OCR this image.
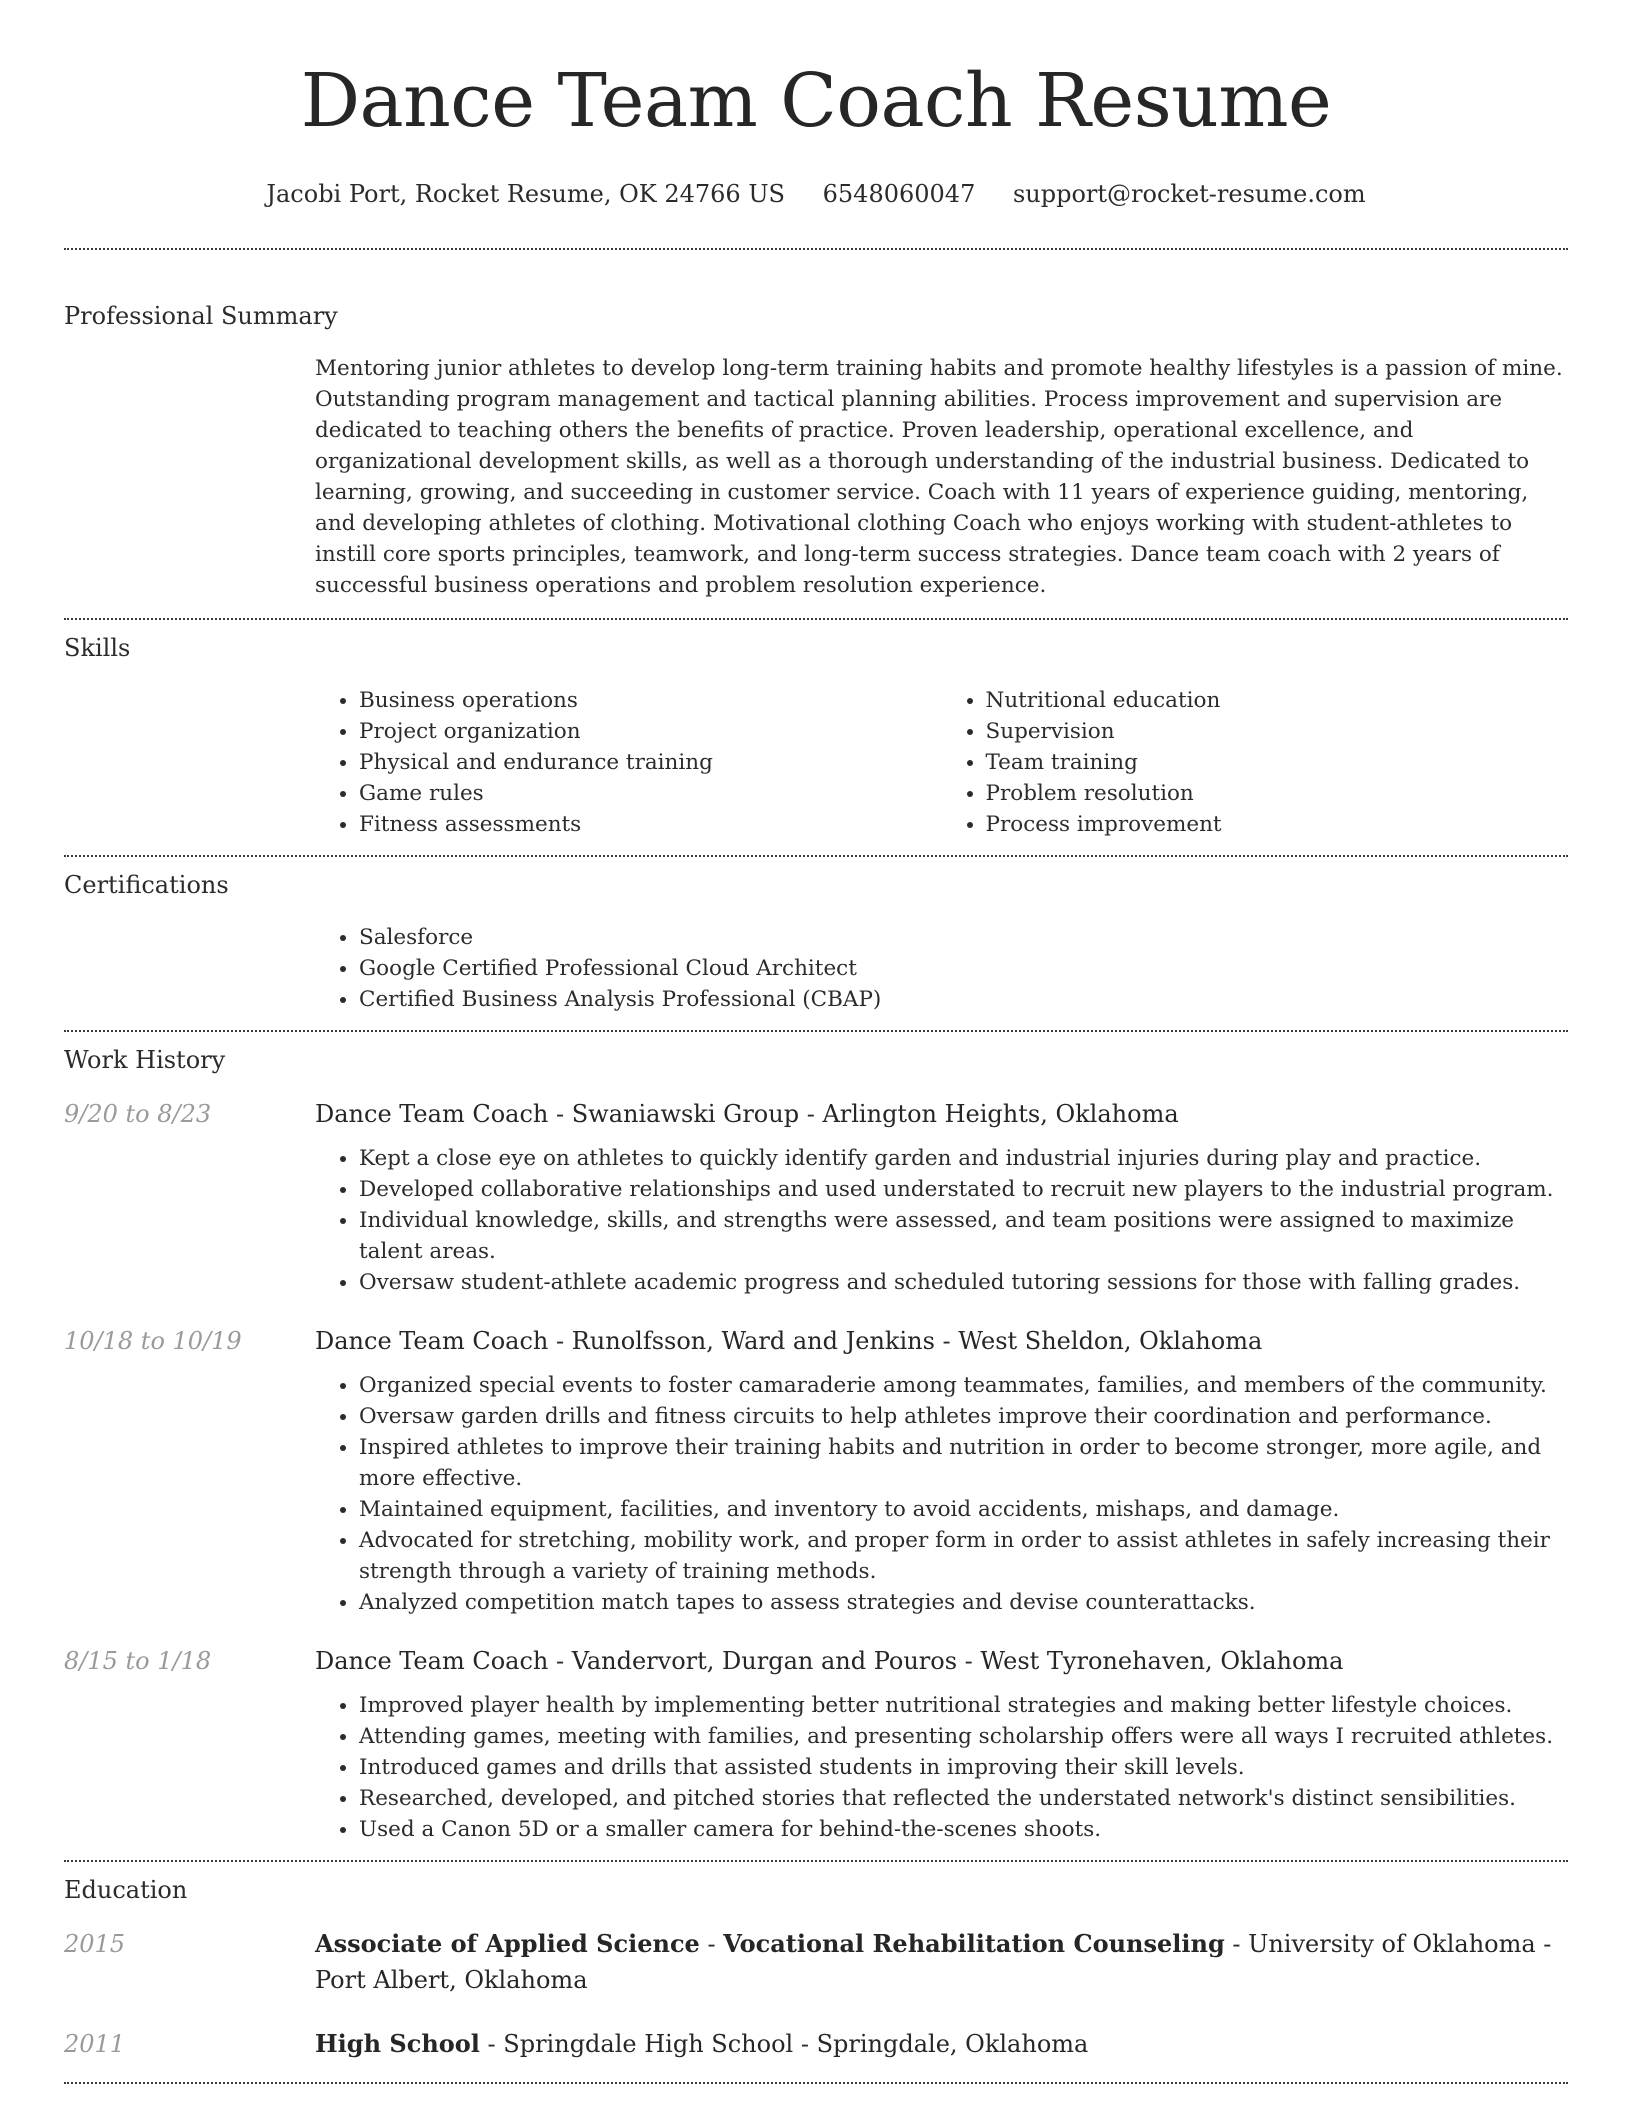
Dance Team Coach Resume
Jacobi Port, Rocket Resume, OK 24766 US 6548060047 support@rocket-resume.com
Professional Summary
Mentoring junior athletes to develop long-term training habits and promote healthy lifestyles is a passion of mine. Outstanding program management and tactical planning abilities. Process improvement and supervision are dedicated to teaching others the benefits of practice. Proven leadership, operational excellence, and organizational development skills, as well as a thorough understanding of the industrial business. Dedicated to learning, growing, and succeeding in customer service. Coach with 11 years of experience guiding, mentoring, and developing athletes of clothing. Motivational clothing Coach who enjoys working with student-athletes to instill core sports principles, teamwork, and long-term success strategies. Dance team coach with 2 years of successful business operations and problem resolution experience.
Skills
• Business operations
• Project organization
• Physical and endurance training
• Game rules
• Fitness assessments
• Nutritional education
• Supervision
• Team training
• Problem resolution
• Process improvement
Certifications
• Salesforce
• Google Certified Professional Cloud Architect
• Certified Business Analysis Professional (CBAP)
Work History
9/20 to 8/23	Dance Team Coach - Swaniawski Group - Arlington Heights, Oklahoma
• Kept a close eye on athletes to quickly identify garden and industrial injuries during play and practice.
• Developed collaborative relationships and used understated to recruit new players to the industrial program.
• Individual knowledge, skills, and strengths were assessed, and team positions were assigned to maximize talent areas.
• Oversaw student-athlete academic progress and scheduled tutoring sessions for those with falling grades.
10/18 to 10/19	Dance Team Coach - Runolfsson, Ward and Jenkins - West Sheldon, Oklahoma
• Organized special events to foster camaraderie among teammates, families, and members of the community.
• Oversaw garden drills and fitness circuits to help athletes improve their coordination and performance.
• Inspired athletes to improve their training habits and nutrition in order to become stronger, more agile, and more effective.
• Maintained equipment, facilities, and inventory to avoid accidents, mishaps, and damage.
• Advocated for stretching, mobility work, and proper form in order to assist athletes in safely increasing their strength through a variety of training methods.
• Analyzed competition match tapes to assess strategies and devise counterattacks.
8/15 to 1/18	Dance Team Coach - Vandervort, Durgan and Pouros - West Tyronehaven, Oklahoma
• Improved player health by implementing better nutritional strategies and making better lifestyle choices.
• Attending games, meeting with families, and presenting scholarship offers were all ways I recruited athletes.
• Introduced games and drills that assisted students in improving their skill levels.
• Researched, developed, and pitched stories that reflected the understated network's distinct sensibilities.
• Used a Canon 5D or a smaller camera for behind-the-scenes shoots.
Education
2015	Associate of Applied Science - Vocational Rehabilitation Counseling - University of Oklahoma - Port Albert, Oklahoma
2011	High School - Springdale High School - Springdale, Oklahoma
